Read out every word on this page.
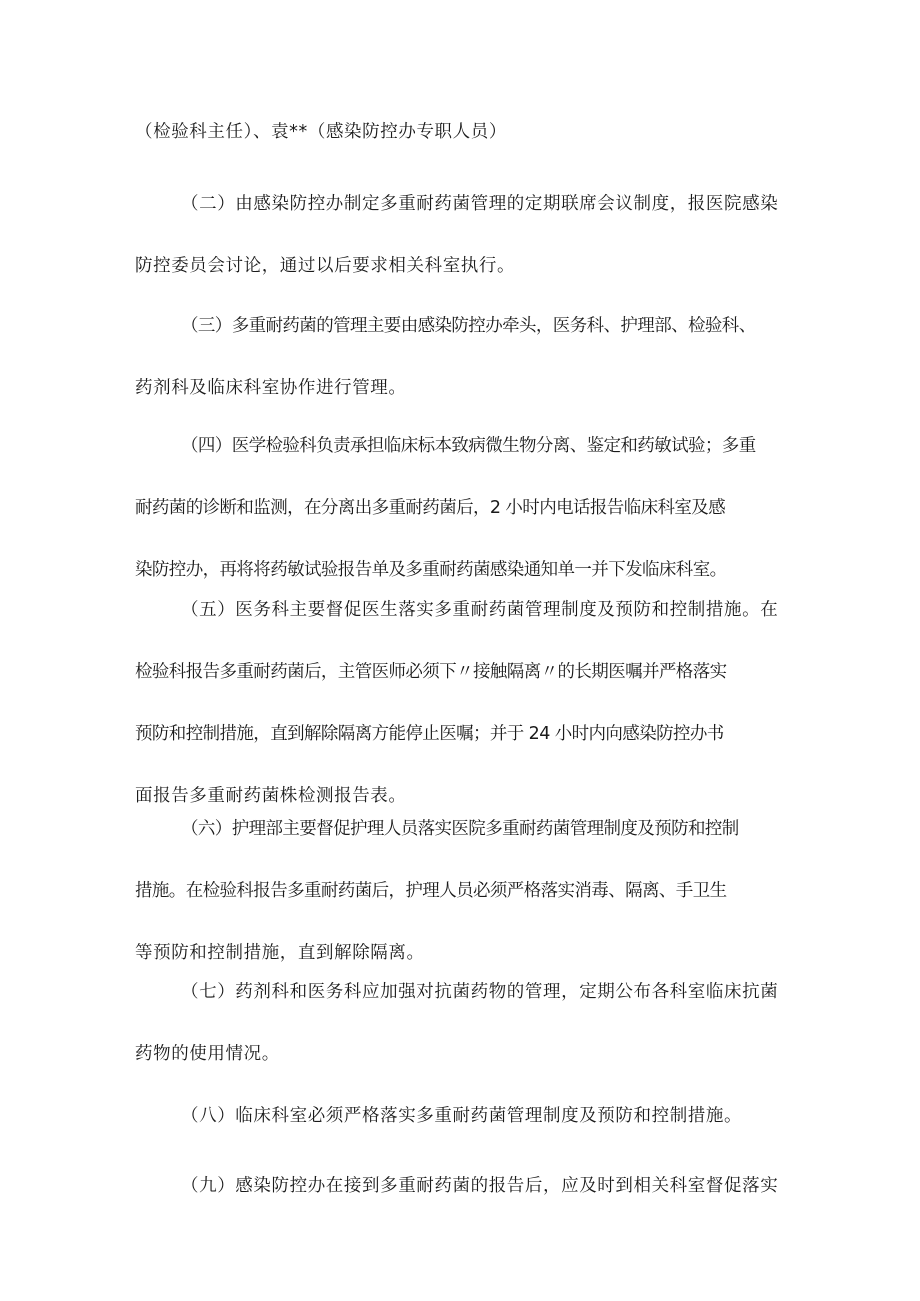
（检验科主任）、袁**（感染防控办专职人员）

（二）由感染防控办制定多重耐药菌管理的定期联席会议制度，报医院感染
防控委员会讨论，通过以后要求相关科室执行。

（三）多重耐药菌的管理主要由感染防控办牵头，医务科、护理部、检验科、
药剂科及临床科室协作进行管理。

（四）医学检验科负责承担临床标本致病微生物分离、鉴定和药敏试验；多重
耐药菌的诊断和监测，在分离出多重耐药菌后，2 小时内电话报告临床科室及感
染防控办，再将将药敏试验报告单及多重耐药菌感染通知单一并下发临床科室。

（五）医务科主要督促医生落实多重耐药菌管理制度及预防和控制措施。在
检验科报告多重耐药菌后，主管医师必须下〃接触隔离〃的长期医嘱并严格落实
预防和控制措施，直到解除隔离方能停止医嘱；并于 24 小时内向感染防控办书
面报告多重耐药菌株检测报告表。

（六）护理部主要督促护理人员落实医院多重耐药菌管理制度及预防和控制
措施。在检验科报告多重耐药菌后，护理人员必须严格落实消毒、隔离、手卫生
等预防和控制措施，直到解除隔离。

（七）药剂科和医务科应加强对抗菌药物的管理，定期公布各科室临床抗菌
药物的使用情况。

（八）临床科室必须严格落实多重耐药菌管理制度及预防和控制措施。

（九）感染防控办在接到多重耐药菌的报告后，应及时到相关科室督促落实
